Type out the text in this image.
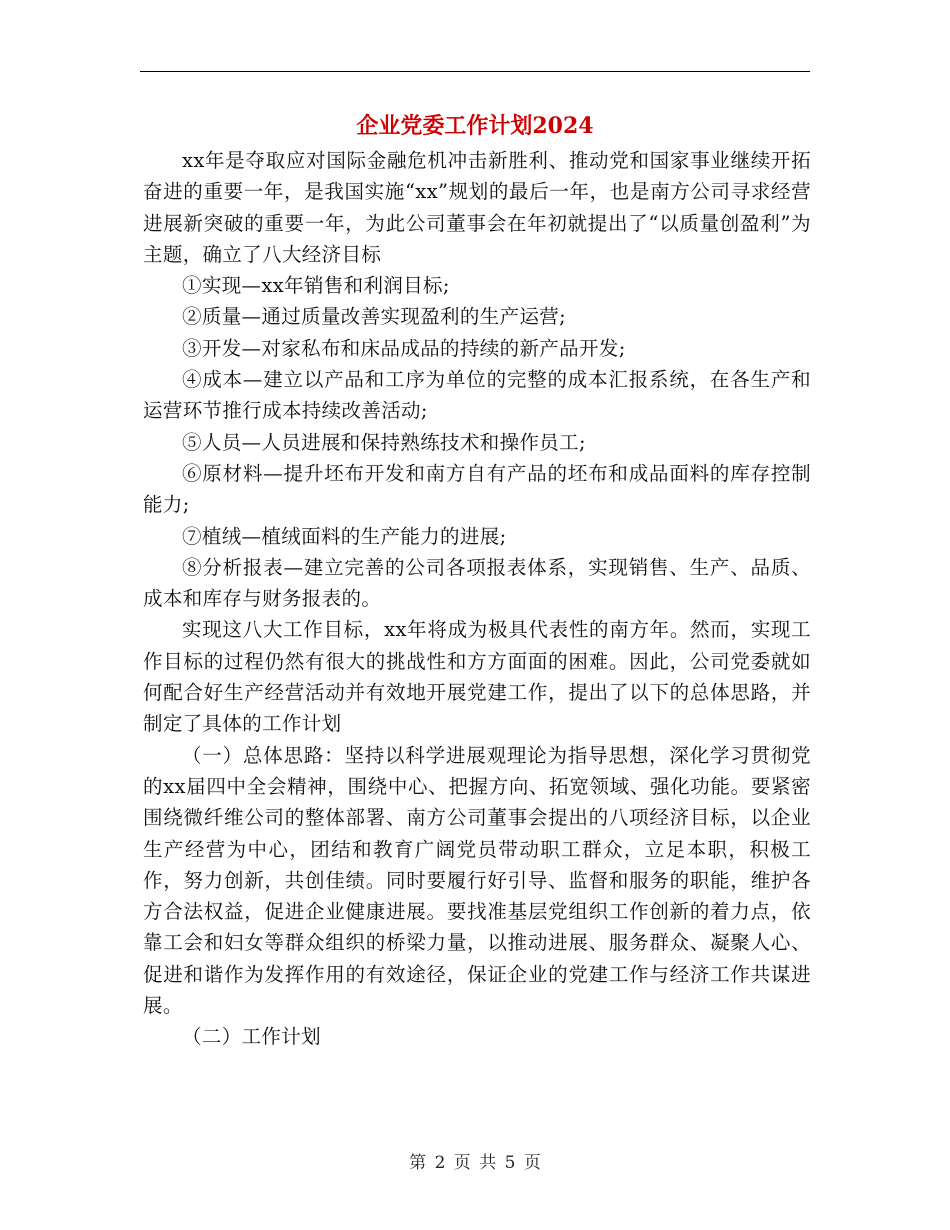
企业党委工作计划2024

xx年是夺取应对国际金融危机冲击新胜利、推动党和国家事业继续开拓奋进的重要一年，是我国实施“xx”规划的最后一年，也是南方公司寻求经营进展新突破的重要一年，为此公司董事会在年初就提出了“以质量创盈利”为主题，确立了八大经济目标

①实现—xx年销售和利润目标;

②质量—通过质量改善实现盈利的生产运营;

③开发—对家私布和床品成品的持续的新产品开发;

④成本—建立以产品和工序为单位的完整的成本汇报系统，在各生产和运营环节推行成本持续改善活动;

⑤人员—人员进展和保持熟练技术和操作员工;

⑥原材料—提升坯布开发和南方自有产品的坯布和成品面料的库存控制能力;

⑦植绒—植绒面料的生产能力的进展;

⑧分析报表—建立完善的公司各项报表体系，实现销售、生产、品质、成本和库存与财务报表的。

实现这八大工作目标，xx年将成为极具代表性的南方年。然而，实现工作目标的过程仍然有很大的挑战性和方方面面的困难。因此，公司党委就如何配合好生产经营活动并有效地开展党建工作，提出了以下的总体思路，并制定了具体的工作计划

（一）总体思路：坚持以科学进展观理论为指导思想，深化学习贯彻党的xx届四中全会精神，围绕中心、把握方向、拓宽领域、强化功能。要紧密围绕微纤维公司的整体部署、南方公司董事会提出的八项经济目标，以企业生产经营为中心，团结和教育广阔党员带动职工群众，立足本职，积极工作，努力创新，共创佳绩。同时要履行好引导、监督和服务的职能，维护各方合法权益，促进企业健康进展。要找准基层党组织工作创新的着力点，依靠工会和妇女等群众组织的桥梁力量，以推动进展、服务群众、凝聚人心、促进和谐作为发挥作用的有效途径，保证企业的党建工作与经济工作共谋进展。

（二）工作计划

第 2 页 共 5 页
